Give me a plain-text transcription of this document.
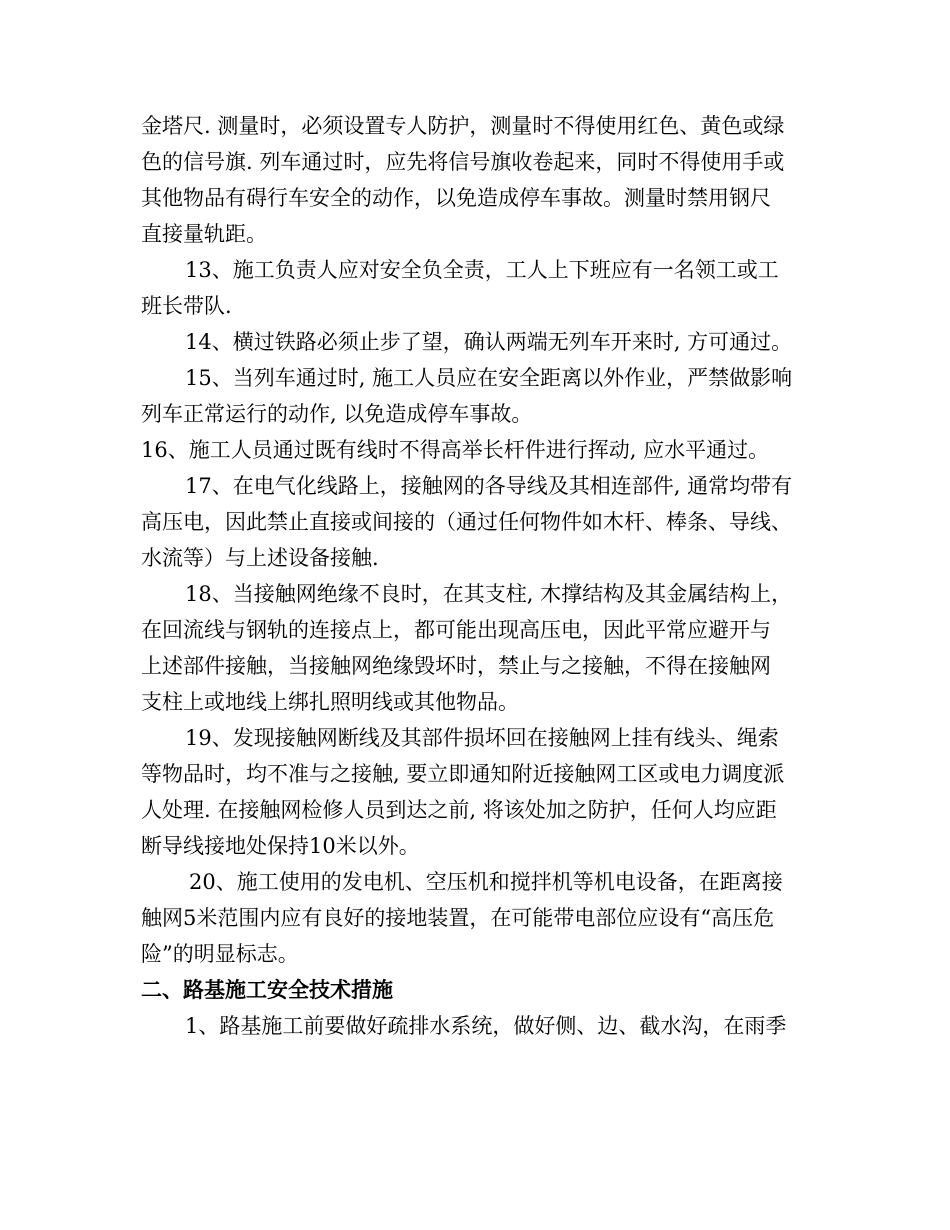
金塔尺. 测量时，必须设置专人防护，测量时不得使用红色、黄色或绿
色的信号旗. 列车通过时，应先将信号旗收卷起来，同时不得使用手或
其他物品有碍行车安全的动作，以免造成停车事故。测量时禁用钢尺
直接量轨距。
13、施工负责人应对安全负全责，工人上下班应有一名领工或工
班长带队.
14、横过铁路必须止步了望，确认两端无列车开来时, 方可通过。
15、当列车通过时, 施工人员应在安全距离以外作业，严禁做影响
列车正常运行的动作, 以免造成停车事故。
16、施工人员通过既有线时不得高举长杆件进行挥动, 应水平通过。
17、在电气化线路上，接触网的各导线及其相连部件, 通常均带有
高压电，因此禁止直接或间接的（通过任何物件如木杆、棒条、导线、
水流等）与上述设备接触.
18、当接触网绝缘不良时，在其支柱, 木撑结构及其金属结构上，
在回流线与钢轨的连接点上，都可能出现高压电，因此平常应避开与
上述部件接触，当接触网绝缘毁坏时，禁止与之接触，不得在接触网
支柱上或地线上绑扎照明线或其他物品。
19、发现接触网断线及其部件损坏回在接触网上挂有线头、绳索
等物品时，均不准与之接触, 要立即通知附近接触网工区或电力调度派
人处理. 在接触网检修人员到达之前, 将该处加之防护，任何人均应距
断导线接地处保持10米以外。
20、施工使用的发电机、空压机和搅拌机等机电设备，在距离接
触网5米范围内应有良好的接地装置，在可能带电部位应设有“高压危
险”的明显标志。
二、路基施工安全技术措施
1、路基施工前要做好疏排水系统，做好侧、边、截水沟，在雨季
